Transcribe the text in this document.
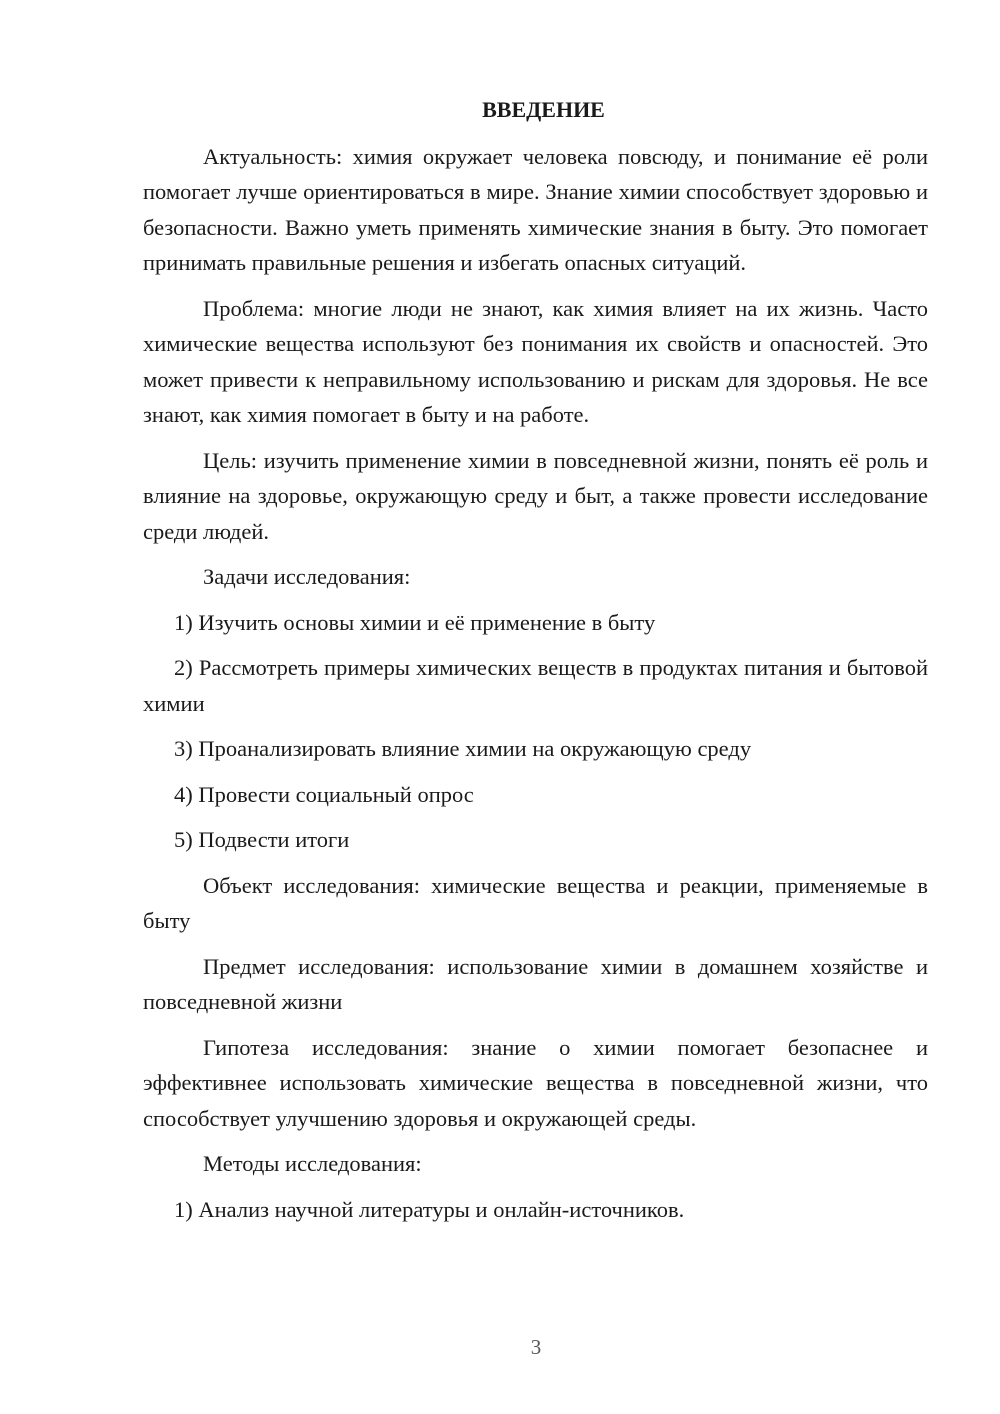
ВВЕДЕНИЕ

Актуальность: химия окружает человека повсюду, и понимание её роли помогает лучше ориентироваться в мире. Знание химии способствует здоровью и безопасности. Важно уметь применять химические знания в быту. Это помогает принимать правильные решения и избегать опасных ситуаций.

Проблема: многие люди не знают, как химия влияет на их жизнь. Часто химические вещества используют без понимания их свойств и опасностей. Это может привести к неправильному использованию и рискам для здоровья. Не все знают, как химия помогает в быту и на работе.

Цель: изучить применение химии в повседневной жизни, понять её роль и влияние на здоровье, окружающую среду и быт, а также провести исследование среди людей.

Задачи исследования:

1) Изучить основы химии и её применение в быту

2) Рассмотреть примеры химических веществ в продуктах питания и бытовой химии

3) Проанализировать влияние химии на окружающую среду

4) Провести социальный опрос

5) Подвести итоги

Объект исследования: химические вещества и реакции, применяемые в быту

Предмет исследования: использование химии в домашнем хозяйстве и повседневной жизни

Гипотеза исследования: знание о химии помогает безопаснее и эффективнее использовать химические вещества в повседневной жизни, что способствует улучшению здоровья и окружающей среды.

Методы исследования:

1) Анализ научной литературы и онлайн-источников.

3
